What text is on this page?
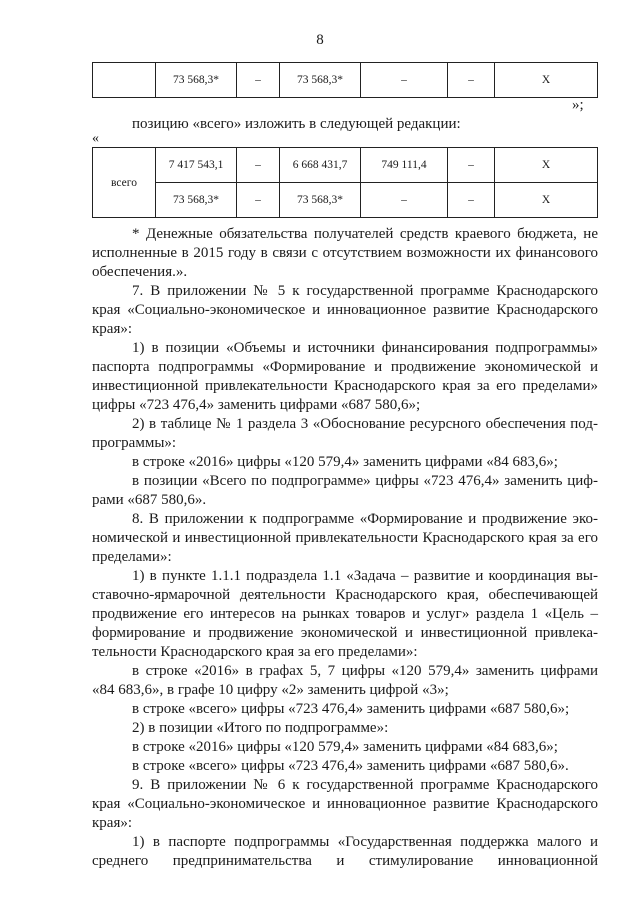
8
	73 568,3*	–	73 568,3*	–	–	X
»;
позицию «всего» изложить в следующей редакции:
«
всего	7 417 543,1	–	6 668 431,7	749 111,4	–	X
	73 568,3*	–	73 568,3*	–	–	X
* Денежные обязательства получателей средств краевого бюджета, не
исполненные в 2015 году в связи с отсутствием возможности их финансового
обеспечения.».
7. В приложении № 5 к государственной программе Краснодарского
края «Социально-экономическое и инновационное развитие Краснодарского
края»:
1) в позиции «Объемы и источники финансирования подпрограммы»
паспорта подпрограммы «Формирование и продвижение экономической и
инвестиционной привлекательности Краснодарского края за его пределами»
цифры «723 476,4» заменить цифрами «687 580,6»;
2) в таблице № 1 раздела 3 «Обоснование ресурсного обеспечения под-
программы»:
в строке «2016» цифры «120 579,4» заменить цифрами «84 683,6»;
в позиции «Всего по подпрограмме» цифры «723 476,4» заменить циф-
рами «687 580,6».
8. В приложении к подпрограмме «Формирование и продвижение эко-
номической и инвестиционной привлекательности Краснодарского края за его
пределами»:
1) в пункте 1.1.1 подраздела 1.1 «Задача – развитие и координация вы-
ставочно-ярмарочной деятельности Краснодарского края, обеспечивающей
продвижение его интересов на рынках товаров и услуг» раздела 1 «Цель –
формирование и продвижение экономической и инвестиционной привлека-
тельности Краснодарского края за его пределами»:
в строке «2016» в графах 5, 7 цифры «120 579,4» заменить цифрами
«84 683,6», в графе 10 цифру «2» заменить цифрой «3»;
в строке «всего» цифры «723 476,4» заменить цифрами «687 580,6»;
2) в позиции «Итого по подпрограмме»:
в строке «2016» цифры «120 579,4» заменить цифрами «84 683,6»;
в строке «всего» цифры «723 476,4» заменить цифрами «687 580,6».
9. В приложении № 6 к государственной программе Краснодарского
края «Социально-экономическое и инновационное развитие Краснодарского
края»:
1) в паспорте подпрограммы «Государственная поддержка малого и
среднего предпринимательства и стимулирование инновационной
